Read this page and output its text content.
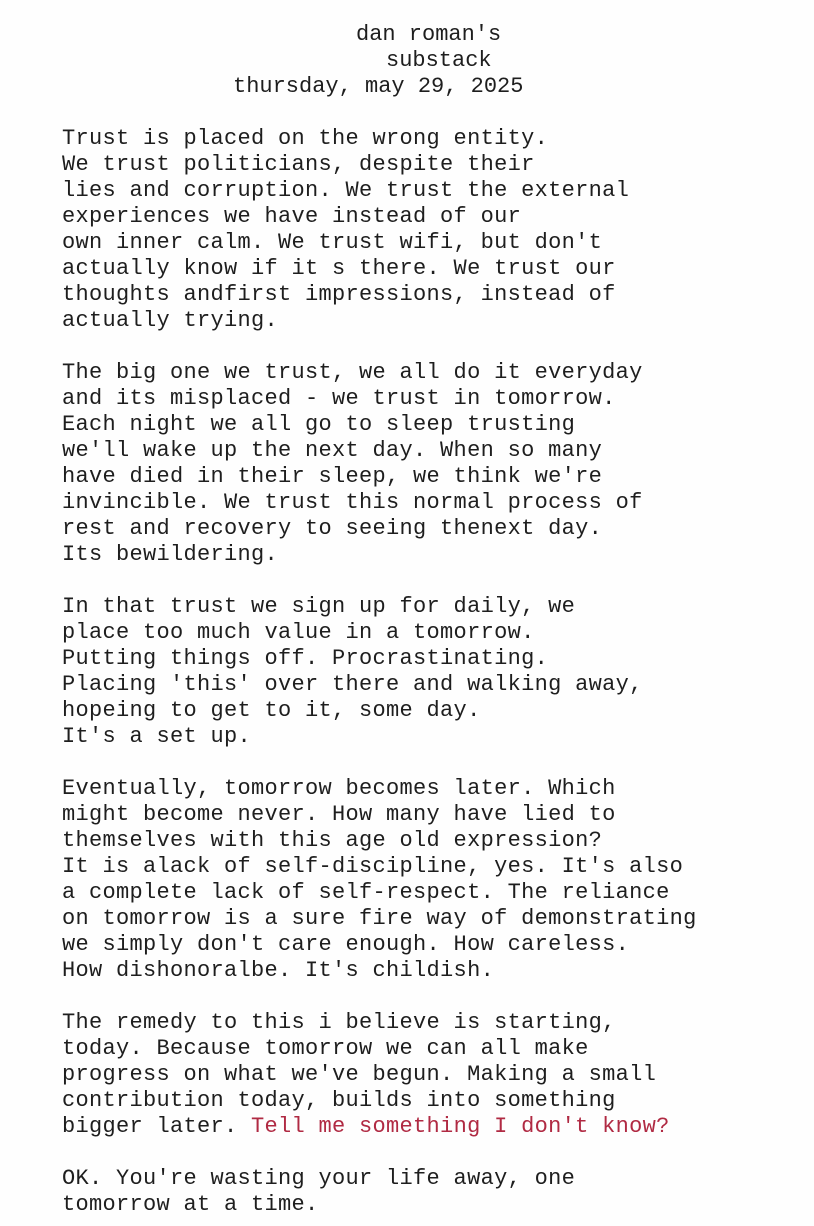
dan roman's
substack
thursday, may 29, 2025
Trust is placed on the wrong entity.
We trust politicians, despite their
lies and corruption. We trust the external
experiences we have instead of our
own inner calm. We trust wifi, but don't
actually know if it s there. We trust our
thoughts andfirst impressions, instead of
actually trying.
The big one we trust, we all do it everyday
and its misplaced - we trust in tomorrow.
Each night we all go to sleep trusting
we'll wake up the next day. When so many
have died in their sleep, we think we're
invincible. We trust this normal process of
rest and recovery to seeing thenext day.
Its bewildering.
In that trust we sign up for daily, we
place too much value in a tomorrow.
Putting things off. Procrastinating.
Placing 'this' over there and walking away,
hopeing to get to it, some day.
It's a set up.
Eventually, tomorrow becomes later. Which
might become never. How many have lied to
themselves with this age old expression?
It is alack of self-discipline, yes. It's also
a complete lack of self-respect. The reliance
on tomorrow is a sure fire way of demonstrating
we simply don't care enough. How careless.
How dishonoralbe. It's childish.
The remedy to this i believe is starting,
today. Because tomorrow we can all make
progress on what we've begun. Making a small
contribution today, builds into something
bigger later. Tell me something I don't know?
OK. You're wasting your life away, one
tomorrow at a time.
